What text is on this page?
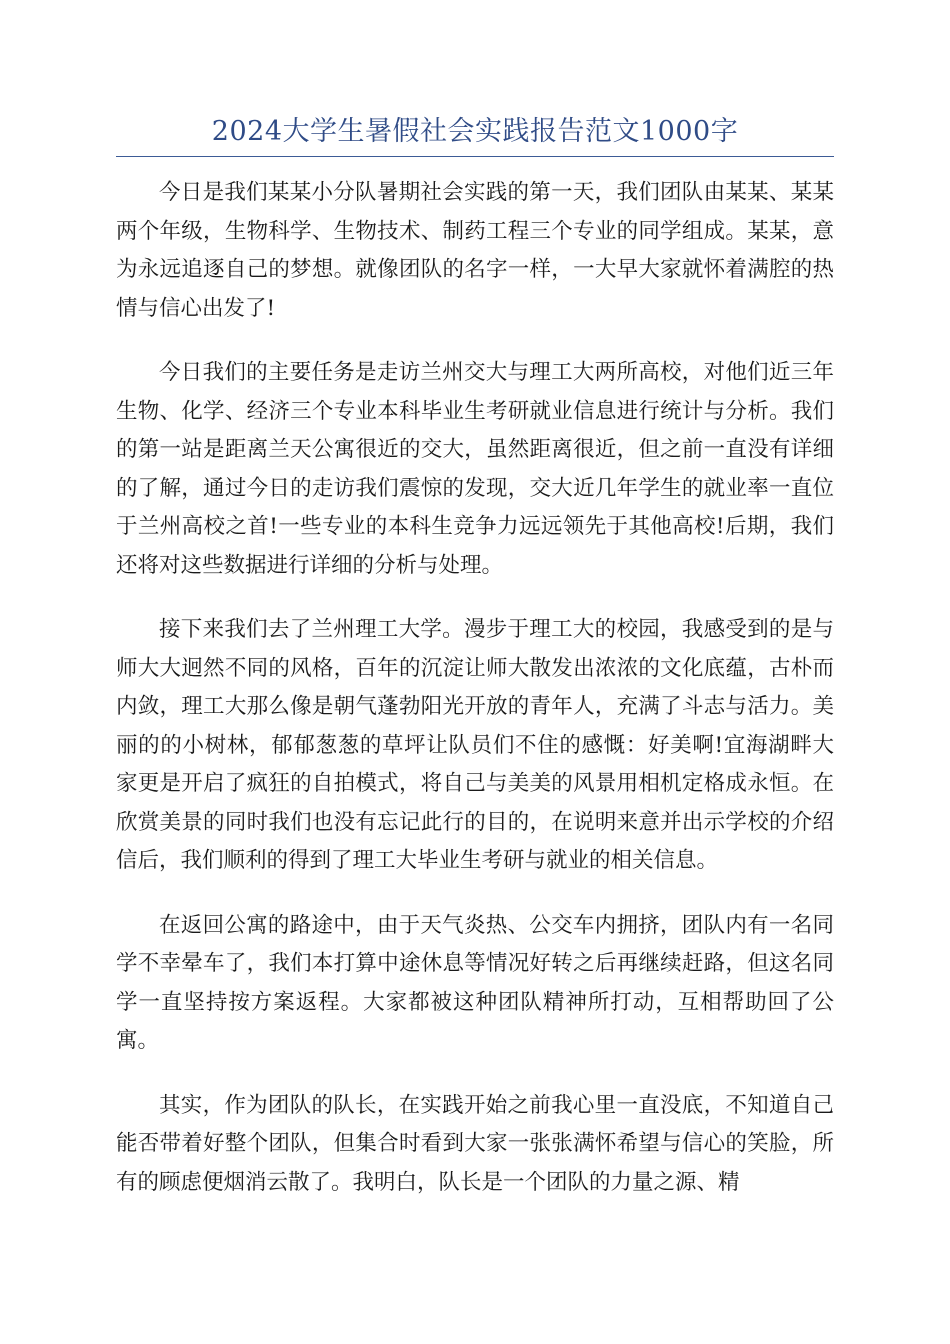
2024大学生暑假社会实践报告范文1000字

今日是我们某某小分队暑期社会实践的第一天，我们团队由某某、某某两个年级，生物科学、生物技术、制药工程三个专业的同学组成。某某，意为永远追逐自己的梦想。就像团队的名字一样，一大早大家就怀着满腔的热情与信心出发了!

今日我们的主要任务是走访兰州交大与理工大两所高校，对他们近三年生物、化学、经济三个专业本科毕业生考研就业信息进行统计与分析。我们的第一站是距离兰天公寓很近的交大，虽然距离很近，但之前一直没有详细的了解，通过今日的走访我们震惊的发现，交大近几年学生的就业率一直位于兰州高校之首!一些专业的本科生竞争力远远领先于其他高校!后期，我们还将对这些数据进行详细的分析与处理。

接下来我们去了兰州理工大学。漫步于理工大的校园，我感受到的是与师大大迥然不同的风格，百年的沉淀让师大散发出浓浓的文化底蕴，古朴而内敛，理工大那么像是朝气蓬勃阳光开放的青年人，充满了斗志与活力。美丽的的小树林，郁郁葱葱的草坪让队员们不住的感慨：好美啊!宜海湖畔大家更是开启了疯狂的自拍模式，将自己与美美的风景用相机定格成永恒。在欣赏美景的同时我们也没有忘记此行的目的，在说明来意并出示学校的介绍信后，我们顺利的得到了理工大毕业生考研与就业的相关信息。

在返回公寓的路途中，由于天气炎热、公交车内拥挤，团队内有一名同学不幸晕车了，我们本打算中途休息等情况好转之后再继续赶路，但这名同学一直坚持按方案返程。大家都被这种团队精神所打动，互相帮助回了公寓。

其实，作为团队的队长，在实践开始之前我心里一直没底，不知道自己能否带着好整个团队，但集合时看到大家一张张满怀希望与信心的笑脸，所有的顾虑便烟消云散了。我明白，队长是一个团队的力量之源、精
